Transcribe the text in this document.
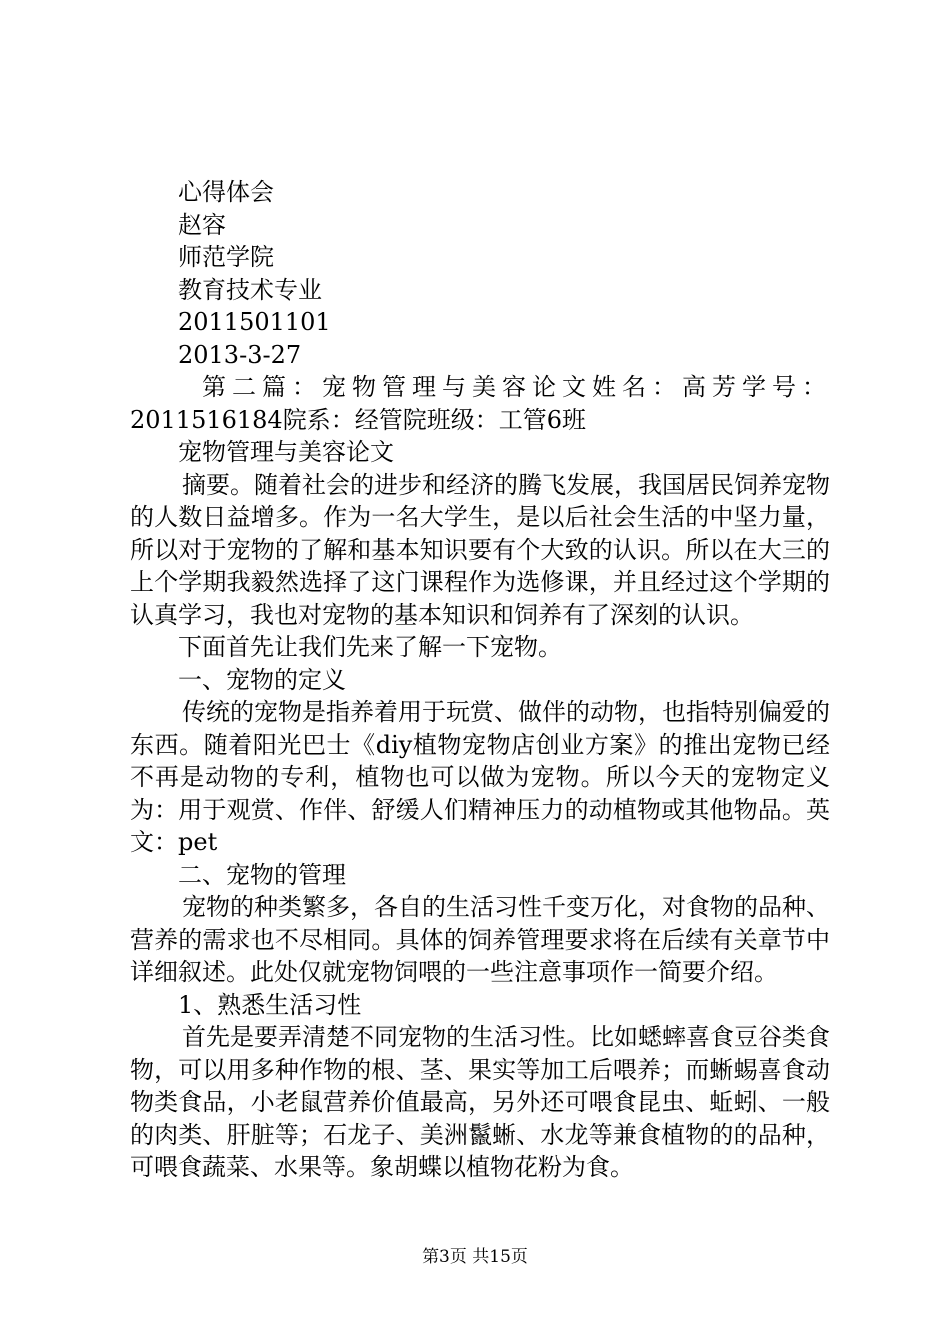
心得体会
赵容
师范学院
教育技术专业
2011501101
2013-3-27
第二篇：宠物管理与美容论文姓名：高芳学号：
2011516184院系：经管院班级：工管6班
宠物管理与美容论文
摘要。随着社会的进步和经济的腾飞发展，我国居民饲养宠物的人数日益增多。作为一名大学生，是以后社会生活的中坚力量，所以对于宠物的了解和基本知识要有个大致的认识。所以在大三的上个学期我毅然选择了这门课程作为选修课，并且经过这个学期的认真学习，我也对宠物的基本知识和饲养有了深刻的认识。
下面首先让我们先来了解一下宠物。
一、宠物的定义
传统的宠物是指养着用于玩赏、做伴的动物，也指特别偏爱的东西。随着阳光巴士《diy植物宠物店创业方案》的推出宠物已经不再是动物的专利，植物也可以做为宠物。所以今天的宠物定义为：用于观赏、作伴、舒缓人们精神压力的动植物或其他物品。英文：pet
二、宠物的管理
宠物的种类繁多，各自的生活习性千变万化，对食物的品种、营养的需求也不尽相同。具体的饲养管理要求将在后续有关章节中详细叙述。此处仅就宠物饲喂的一些注意事项作一简要介绍。
1、熟悉生活习性
首先是要弄清楚不同宠物的生活习性。比如蟋蟀喜食豆谷类食物，可以用多种作物的根、茎、果实等加工后喂养；而蜥蜴喜食动物类食品，小老鼠营养价值最高，另外还可喂食昆虫、蚯蚓、一般的肉类、肝脏等；石龙子、美洲鬣蜥、水龙等兼食植物的的品种，可喂食蔬菜、水果等。象胡蝶以植物花粉为食。
第3页 共15页
